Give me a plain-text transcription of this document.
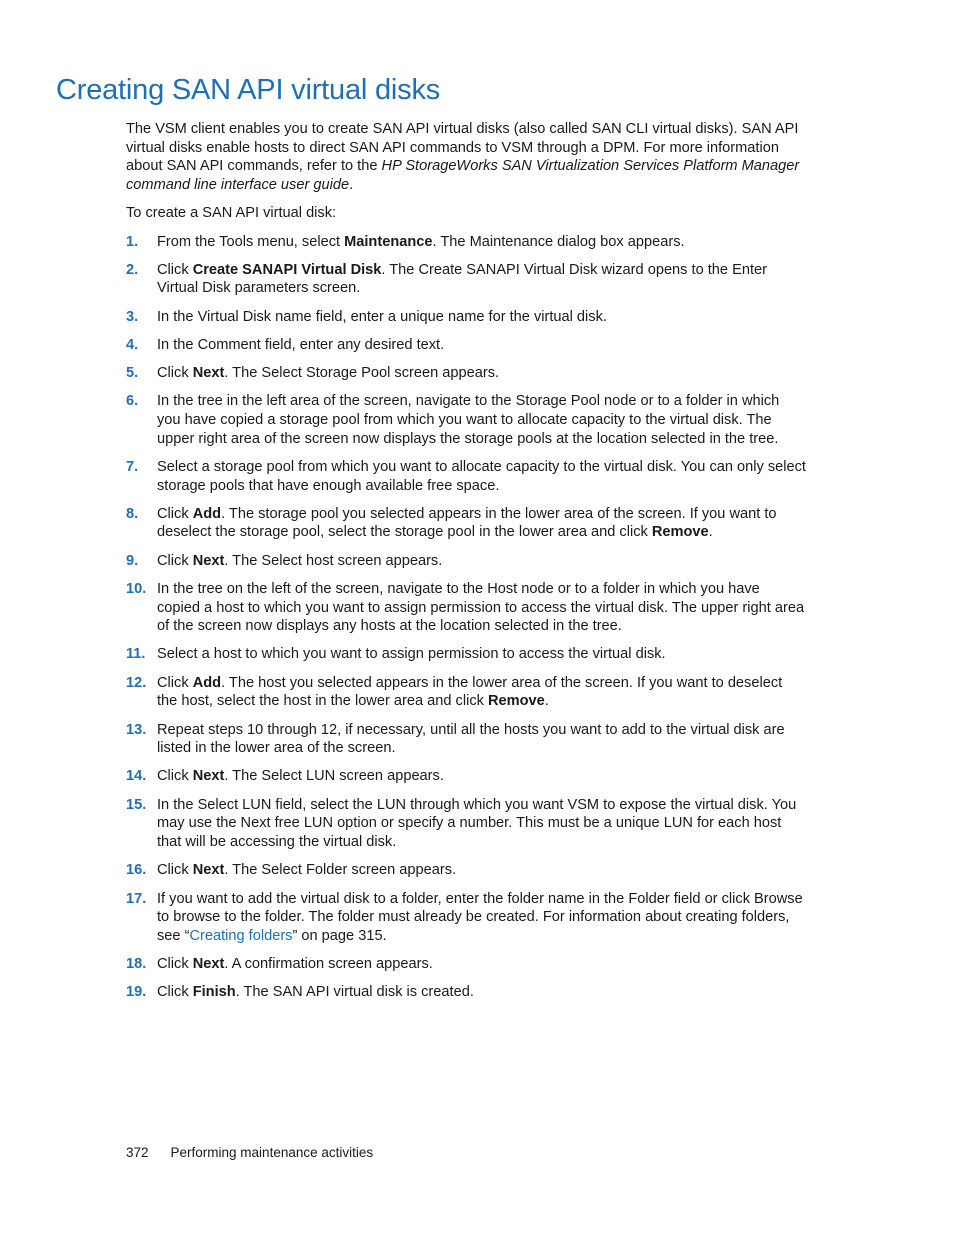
Creating SAN API virtual disks

The VSM client enables you to create SAN API virtual disks (also called SAN CLI virtual disks). SAN API virtual disks enable hosts to direct SAN API commands to VSM through a DPM. For more information about SAN API commands, refer to the HP StorageWorks SAN Virtualization Services Platform Manager command line interface user guide.

To create a SAN API virtual disk:

1. From the Tools menu, select Maintenance. The Maintenance dialog box appears.
2. Click Create SANAPI Virtual Disk. The Create SANAPI Virtual Disk wizard opens to the Enter Virtual Disk parameters screen.
3. In the Virtual Disk name field, enter a unique name for the virtual disk.
4. In the Comment field, enter any desired text.
5. Click Next. The Select Storage Pool screen appears.
6. In the tree in the left area of the screen, navigate to the Storage Pool node or to a folder in which you have copied a storage pool from which you want to allocate capacity to the virtual disk. The upper right area of the screen now displays the storage pools at the location selected in the tree.
7. Select a storage pool from which you want to allocate capacity to the virtual disk. You can only select storage pools that have enough available free space.
8. Click Add. The storage pool you selected appears in the lower area of the screen. If you want to deselect the storage pool, select the storage pool in the lower area and click Remove.
9. Click Next. The Select host screen appears.
10. In the tree on the left of the screen, navigate to the Host node or to a folder in which you have copied a host to which you want to assign permission to access the virtual disk. The upper right area of the screen now displays any hosts at the location selected in the tree.
11. Select a host to which you want to assign permission to access the virtual disk.
12. Click Add. The host you selected appears in the lower area of the screen. If you want to deselect the host, select the host in the lower area and click Remove.
13. Repeat steps 10 through 12, if necessary, until all the hosts you want to add to the virtual disk are listed in the lower area of the screen.
14. Click Next. The Select LUN screen appears.
15. In the Select LUN field, select the LUN through which you want VSM to expose the virtual disk. You may use the Next free LUN option or specify a number. This must be a unique LUN for each host that will be accessing the virtual disk.
16. Click Next. The Select Folder screen appears.
17. If you want to add the virtual disk to a folder, enter the folder name in the Folder field or click Browse to browse to the folder. The folder must already be created. For information about creating folders, see “Creating folders” on page 315.
18. Click Next. A confirmation screen appears.
19. Click Finish. The SAN API virtual disk is created.
372 Performing maintenance activities
